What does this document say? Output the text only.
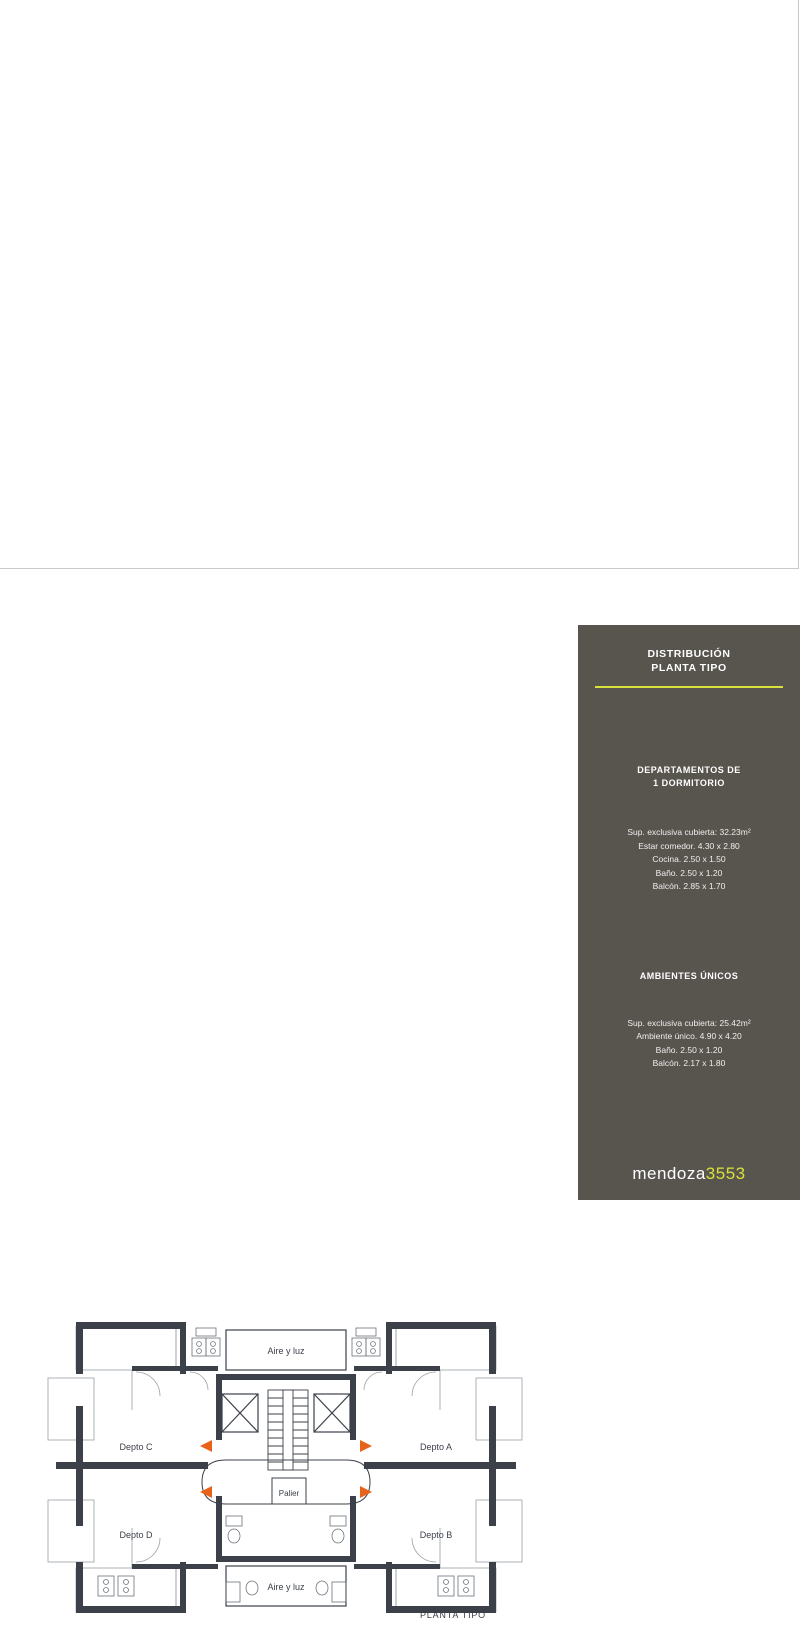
Depto C
Depto D
Depto A
Depto B
Aire y luz
Aire y luz
Palier
PLANTA TIPO
DISTRIBUCIÓN
PLANTA TIPO
DEPARTAMENTOS DE
1 DORMITORIO
Sup. exclusiva cubierta: 32.23m²
Estar comedor. 4.30 x 2.80
Cocina. 2.50 x 1.50
Baño. 2.50 x 1.20
Balcón. 2.85 x 1.70
AMBIENTES ÚNICOS
Sup. exclusiva cubierta: 25.42m²
Ambiente único. 4.90 x 4.20
Baño. 2.50 x 1.20
Balcón. 2.17 x 1.80
mendoza3553
